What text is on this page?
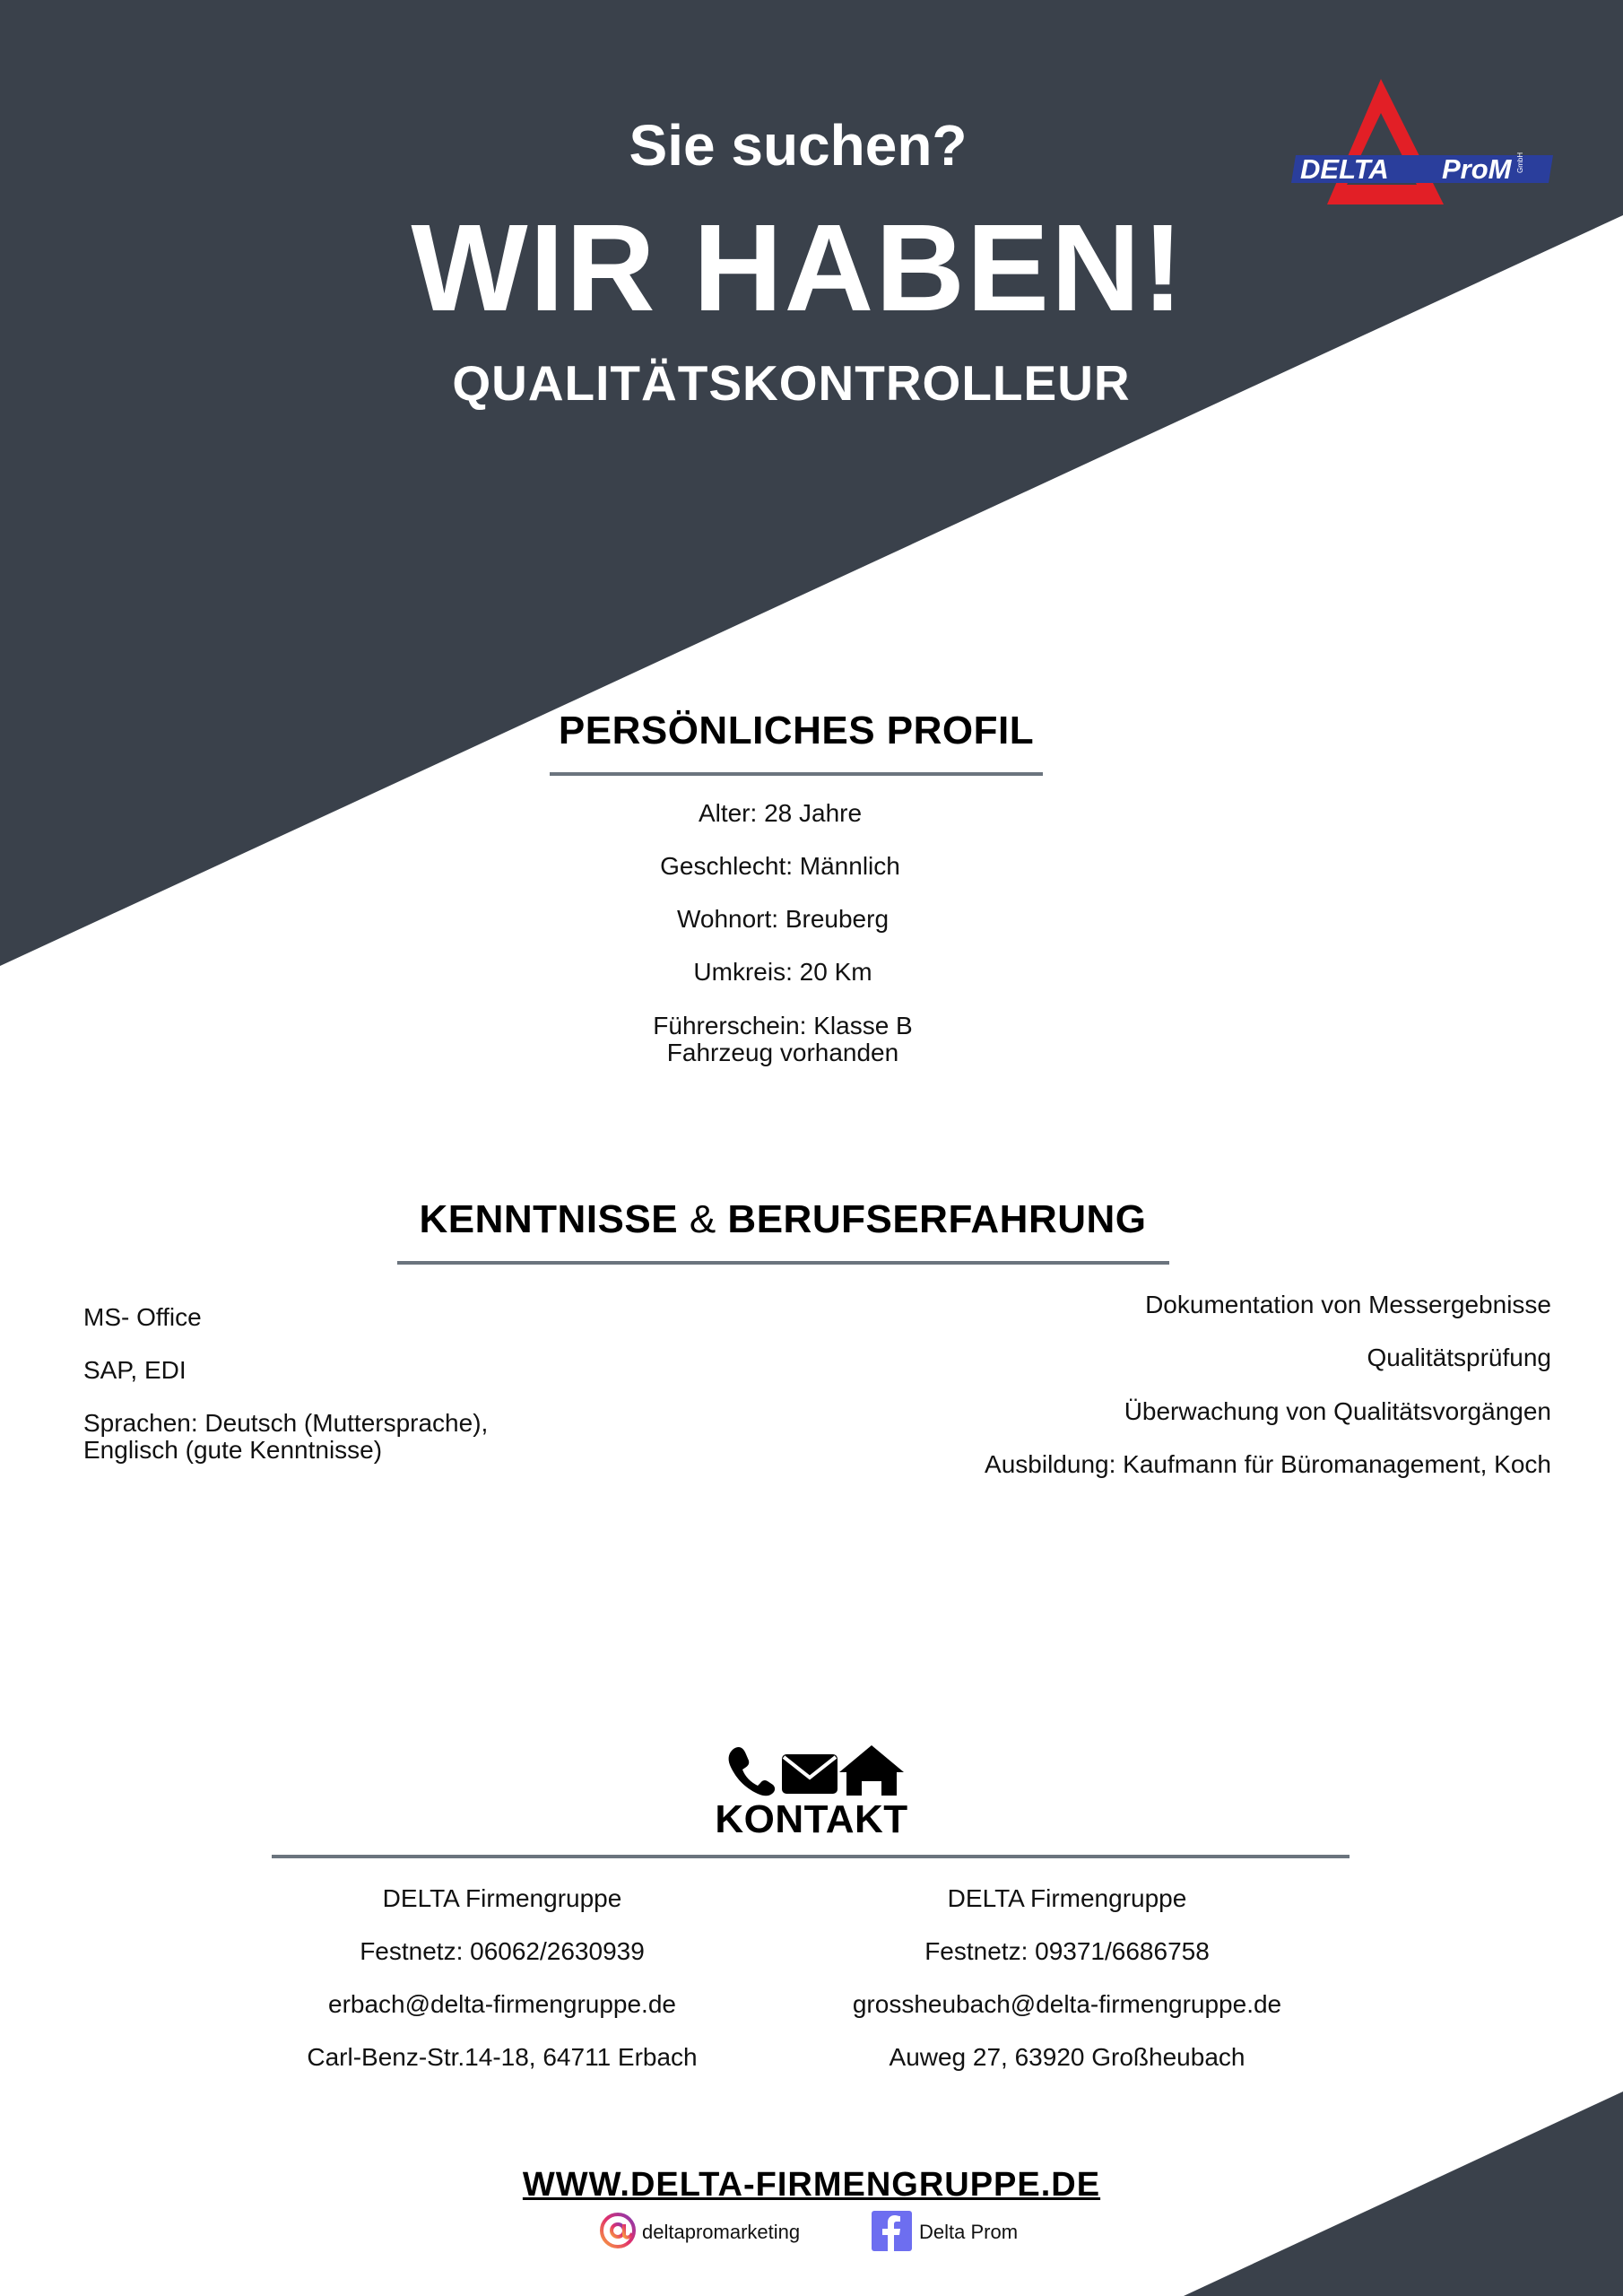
Sie suchen?
WIR HABEN!
QUALITÄTSKONTROLLEUR
DELTA ProM GmbH
PERSÖNLICHES PROFIL
Alter: 28 Jahre
Geschlecht: Männlich
Wohnort: Breuberg
Umkreis: 20 Km
Führerschein: Klasse B
Fahrzeug vorhanden
KENNTNISSE & BERUFSERFAHRUNG
MS- Office
SAP, EDI
Sprachen: Deutsch (Muttersprache),
Englisch (gute Kenntnisse)
Dokumentation von Messergebnisse
Qualitätsprüfung
Überwachung von Qualitätsvorgängen
Ausbildung: Kaufmann für Büromanagement, Koch
KONTAKT
DELTA Firmengruppe
Festnetz: 06062/2630939
erbach@delta-firmengruppe.de
Carl-Benz-Str.14-18, 64711 Erbach
DELTA Firmengruppe
Festnetz: 09371/6686758
grossheubach@delta-firmengruppe.de
Auweg 27, 63920 Großheubach
WWW.DELTA-FIRMENGRUPPE.DE
deltapromarketing	Delta Prom
